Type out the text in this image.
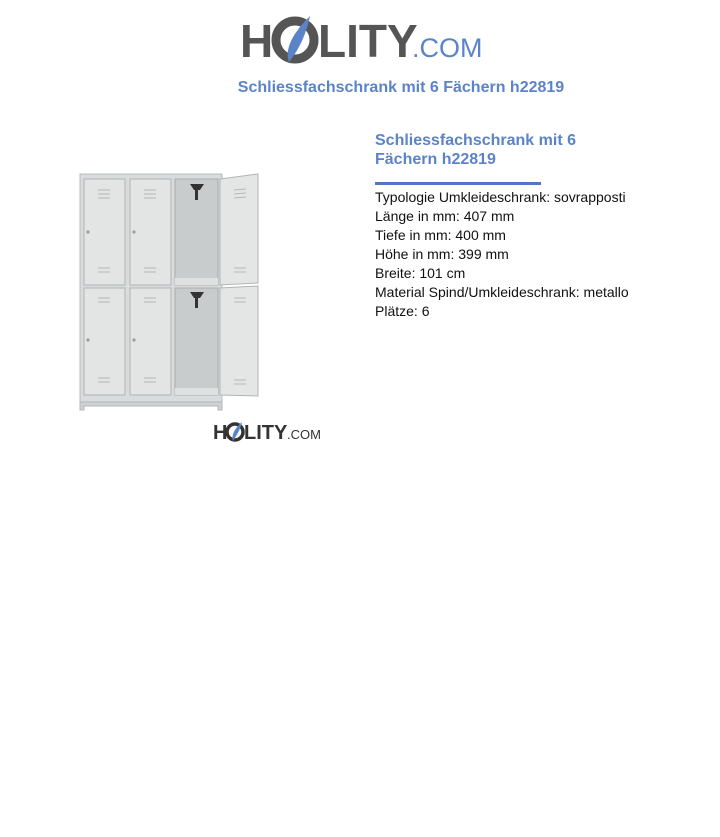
H LITY
.COM
Schliessfachschrank mit 6 Fächern h22819
H LITY .COM
Schliessfachschrank mit 6
Fächern h22819
Typologie Umkleideschrank: sovrapposti
Länge in mm: 407 mm
Tiefe in mm: 400 mm
Höhe in mm: 399 mm
Breite: 101 cm
Material Spind/Umkleideschrank: metallo
Plätze: 6
